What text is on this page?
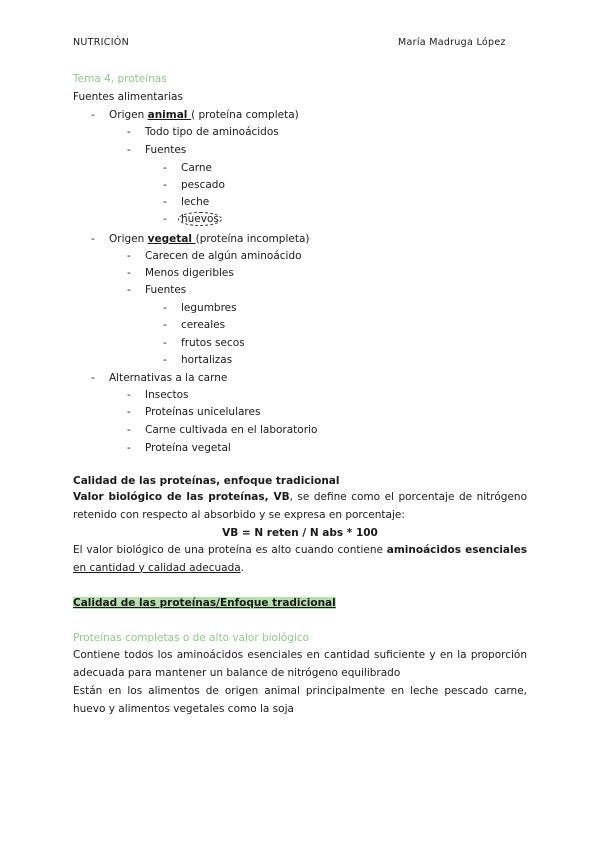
NUTRICIÓN	María Madruga López
Tema 4, proteínas
Fuentes alimentarias
- Origen animal ( proteína completa)
- Todo tipo de aminoácidos
- Fuentes
- Carne
- pescado
- leche
- huevos
- Origen vegetal (proteína incompleta)
- Carecen de algún aminoácido
- Menos digeribles
- Fuentes
- legumbres
- cereales
- frutos secos
- hortalizas
- Alternativas a la carne
- Insectos
- Proteínas unicelulares
- Carne cultivada en el laboratorio
- Proteína vegetal
Calidad de las proteínas, enfoque tradicional
Valor biológico de las proteínas, VB, se define como el porcentaje de nitrógeno retenido con respecto al absorbido y se expresa en porcentaje:
VB = N reten / N abs * 100
El valor biológico de una proteína es alto cuando contiene aminoácidos esenciales en cantidad y calidad adecuada.
Calidad de las proteínas/Enfoque tradicional
Proteínas completas o de alto valor biológico
Contiene todos los aminoácidos esenciales en cantidad suficiente y en la proporción adecuada para mantener un balance de nitrógeno equilibrado
Están en los alimentos de origen animal principalmente en leche pescado carne, huevo y alimentos vegetales como la soja
